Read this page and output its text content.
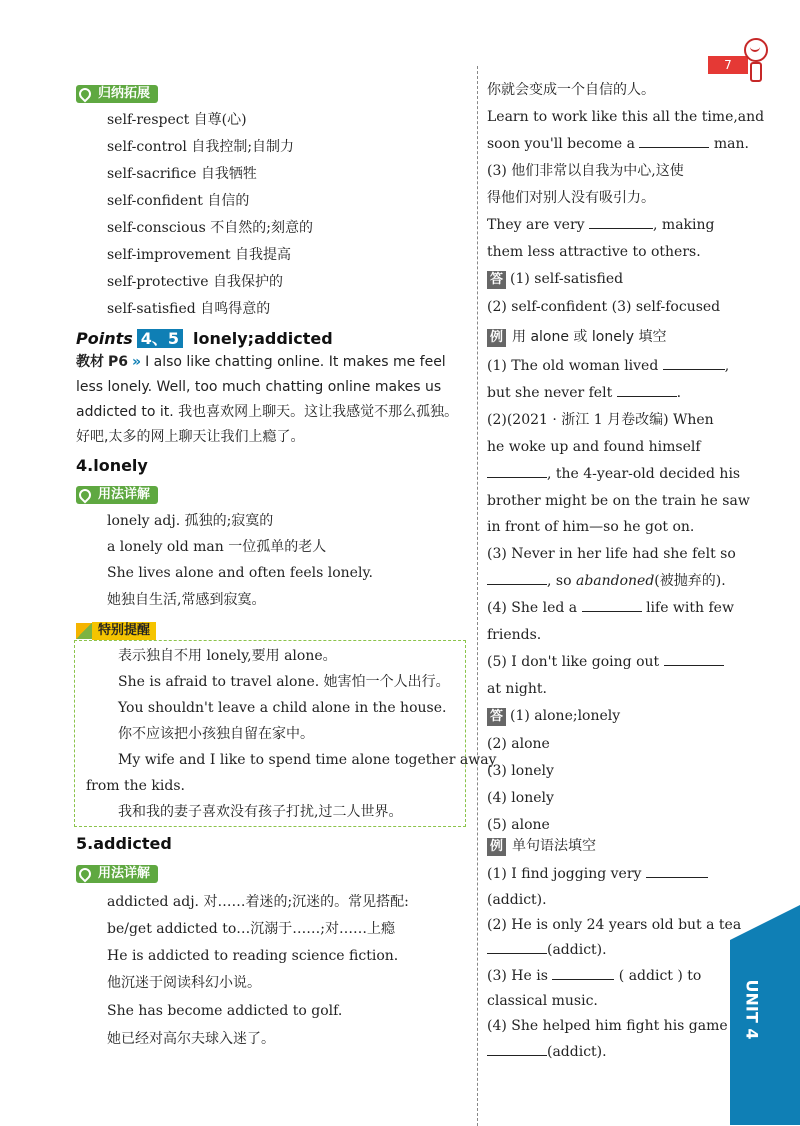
7
UNIT 4
归纳拓展
self-respect 自尊(心)
self-control 自我控制;自制力
self-sacrifice 自我牺牲
self-confident 自信的
self-conscious 不自然的;刻意的
self-improvement 自我提高
self-protective 自我保护的
self-satisfied 自鸣得意的
Points 4、5 lonely;addicted
教材 P6 » I also like chatting online. It makes me feel less lonely. Well, too much chatting online makes us addicted to it. 我也喜欢网上聊天。这让我感觉不那么孤独。好吧,太多的网上聊天让我们上瘾了。
4.lonely
用法详解
lonely adj. 孤独的;寂寞的
a lonely old man 一位孤单的老人
She lives alone and often feels lonely.
她独自生活,常感到寂寞。
特别提醒
表示独自不用 lonely,要用 alone。
She is afraid to travel alone. 她害怕一个人出行。
You shouldn't leave a child alone in the house.
你不应该把小孩独自留在家中。
My wife and I like to spend time alone together away
from the kids.
我和我的妻子喜欢没有孩子打扰,过二人世界。
5.addicted
用法详解
addicted adj. 对……着迷的;沉迷的。常见搭配:
be/get addicted to…沉溺于……;对……上瘾
He is addicted to reading science fiction.
他沉迷于阅读科幻小说。
She has become addicted to golf.
她已经对高尔夫球入迷了。
你就会变成一个自信的人。
Learn to work like this all the time,and
soon you'll become a	man.
(3) 他们非常以自我为中心,这使
得他们对别人没有吸引力。
They are very	, making
them less attractive to others.
答 (1) self-satisfied
(2) self-confident (3) self-focused
例 用 alone 或 lonely 填空
(1) The old woman lived	,
but she never felt	.
(2)(2021 · 浙江 1 月卷改编) When
he woke up and found himself
, the 4-year-old decided his
brother might be on the train he saw
in front of him—so he got on.
(3) Never in her life had she felt so
, so abandoned(被抛弃的).
(4) She led a	life with few
friends.
(5) I don't like going out
at night.
答 (1) alone;lonely
(2) alone
(3) lonely
(4) lonely
(5) alone
例 单句语法填空
(1) I find jogging very
(addict).
(2) He is only 24 years old but a tea
(addict).
(3) He is	( addict ) to
classical music.
(4) She helped him fight his game
(addict).
